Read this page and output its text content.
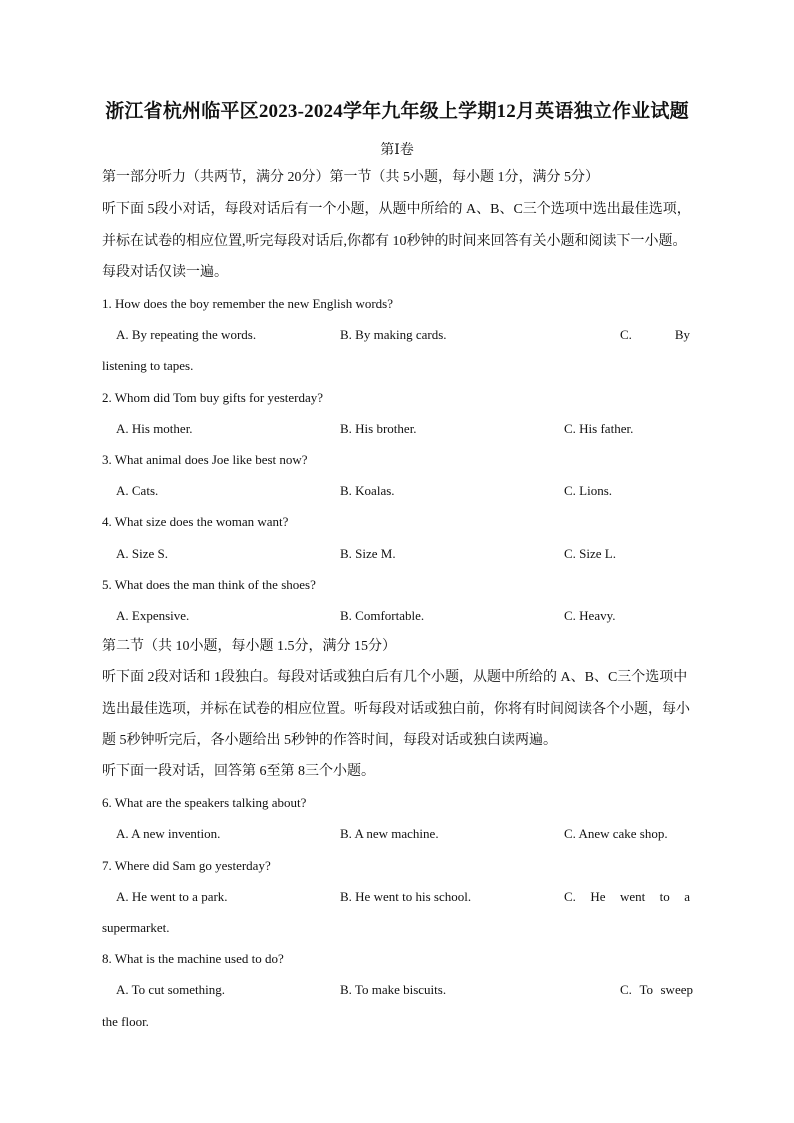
浙江省杭州临平区2023-2024学年九年级上学期12月英语独立作业试题
第Ⅰ卷
第一部分听力（共两节，满分 20分）第一节（共 5小题，每小题 1分，满分 5分）
听下面 5段小对话，每段对话后有一个小题，从题中所给的 A、B、C三个选项中选出最佳选项，
并标在试卷的相应位置,听完每段对话后,你都有 10秒钟的时间来回答有关小题和阅读下一小题。
每段对话仅读一遍。
1. How does the boy remember the new English words?
A. By repeating the words.	B. By making cards.	C.	By
listening to tapes.
2. Whom did Tom buy gifts for yesterday?
A. His mother.	B. His brother.	C. His father.
3. What animal does Joe like best now?
A. Cats.	B. Koalas.	C. Lions.
4. What size does the woman want?
A. Size S.	B. Size M.	C. Size L.
5. What does the man think of the shoes?
A. Expensive.	B. Comfortable.	C. Heavy.
第二节（共 10小题，每小题 1.5分，满分 15分）
听下面 2段对话和 1段独白。每段对话或独白后有几个小题，从题中所给的 A、B、C三个选项中
选出最佳选项，并标在试卷的相应位置。听每段对话或独白前，你将有时间阅读各个小题，每小
题 5秒钟听完后，各小题给出 5秒钟的作答时间，每段对话或独白读两遍。
听下面一段对话，回答第 6至第 8三个小题。
6. What are the speakers talking about?
A. A new invention.	B. A new machine.	C. Anew cake shop.
7. Where did Sam go yesterday?
A. He went to a park.	B. He went to his school.	C. He went to a
supermarket.
8. What is the machine used to do?
A. To cut something.	B. To make biscuits.	C. To sweep
the floor.
